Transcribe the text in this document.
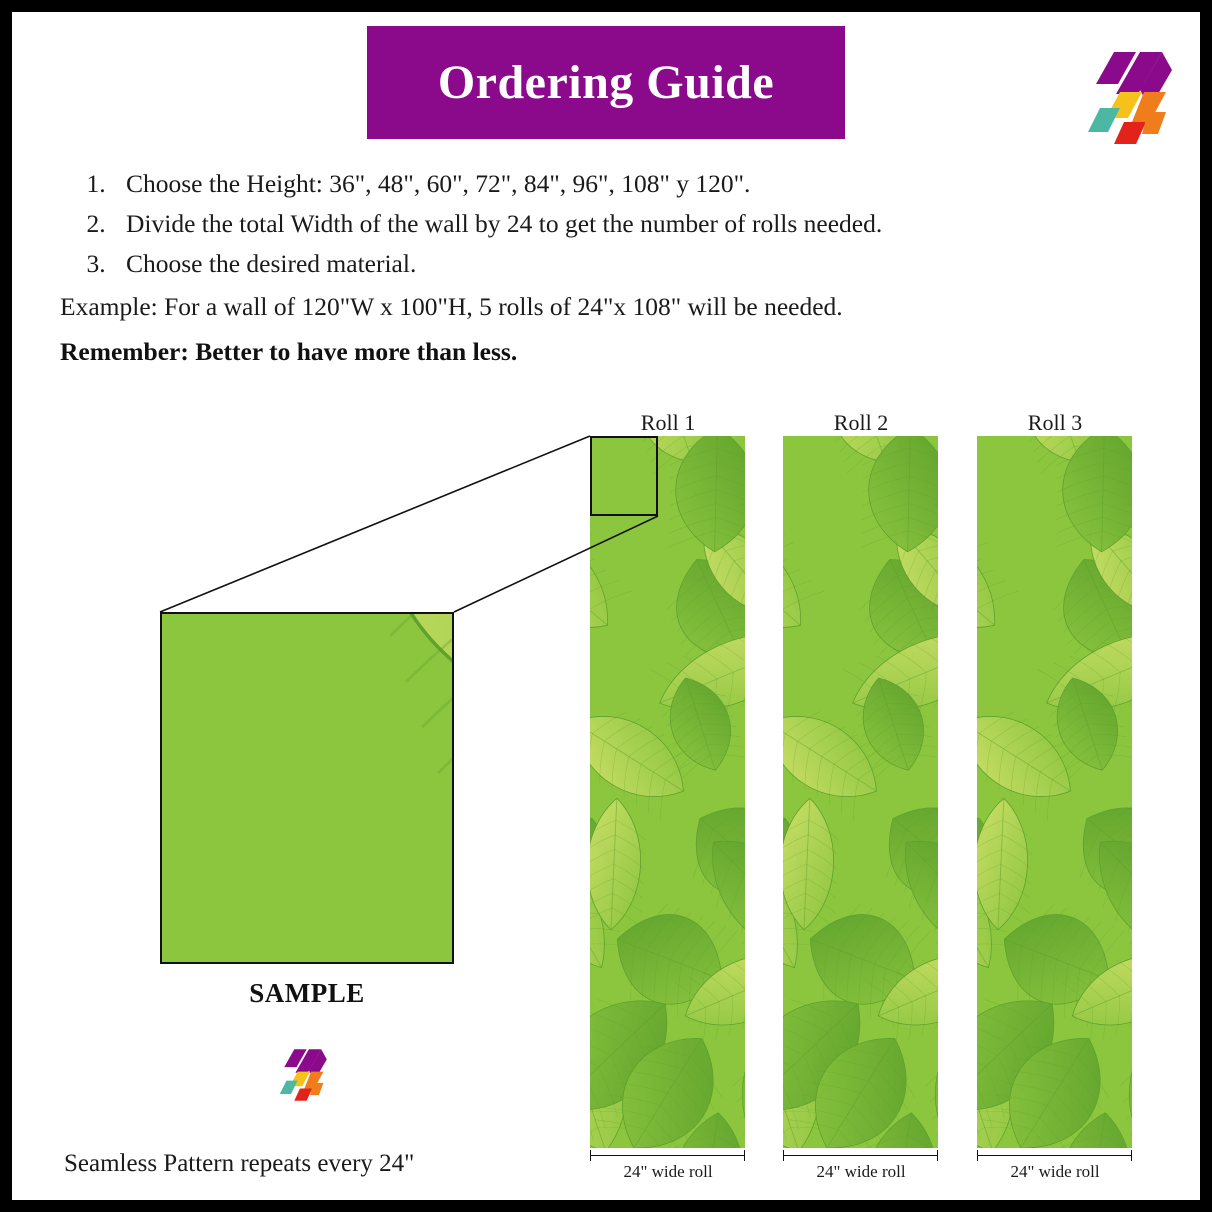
Ordering Guide
1. Choose the Height: 36", 48", 60", 72", 84", 96", 108" y 120".
2. Divide the total Width of the wall by 24 to get the number of rolls needed.
3. Choose the desired material.
Example: For a wall of 120"W x 100"H, 5 rolls of 24"x 108" will be needed.
Remember: Better to have more than less.
Roll 1	Roll 2	Roll 3
24" wide roll	24" wide roll	24" wide roll
SAMPLE
Seamless Pattern repeats every 24"
